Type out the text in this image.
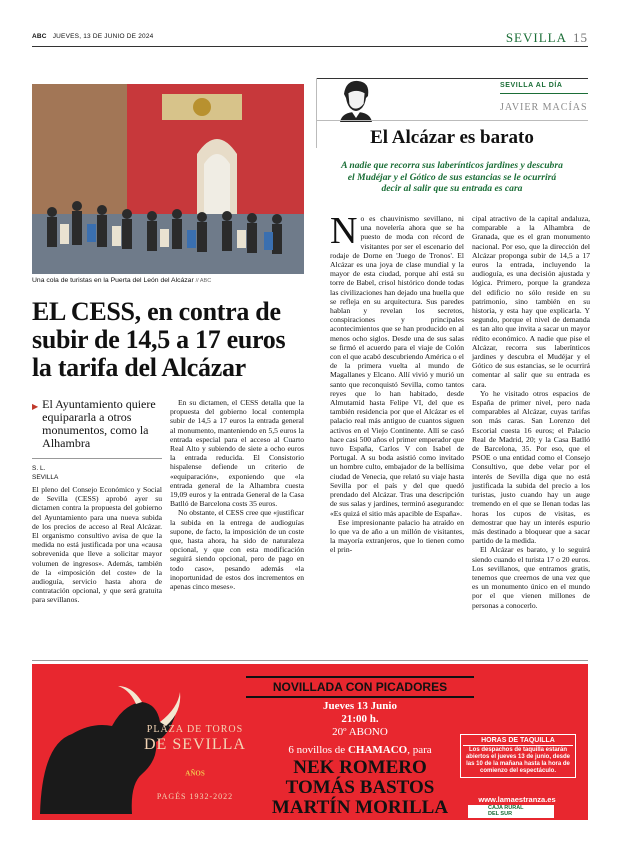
ABC JUEVES, 13 DE JUNIO DE 2024	SEVILLA 15
Una cola de turistas en la Puerta del León del Alcázar // ABC
EL CESS, en contra de subir de 14,5 a 17 euros la tarifa del Alcázar
▶ El Ayuntamiento quiere equipararla a otros monumentos, como la Alhambra
S. L.
SEVILLA

El pleno del Consejo Económico y Social de Sevilla (CESS) aprobó ayer su dictamen contra la propuesta del gobierno del Ayuntamiento para una nueva subida de los precios de acceso al Real Alcázar. El organismo consultivo avisa de que la medida no está justificada por una «causa sobrevenida que lleve a solicitar mayor volumen de ingresos». Además, también de la «imposición del coste» de la audioguía, servicio hasta ahora de contratación opcional, y que será gratuita para sevillanos.

En su dictamen, el CESS detalla que la propuesta del gobierno local contempla subir de 14,5 a 17 euros la entrada general al monumento, manteniendo en 5,5 euros la entrada especial para el acceso al Cuarto Real Alto y subiendo de siete a ocho euros la entrada reducida. El Consistorio hispalense defiende un criterio de «equiparación», exponiendo que «la entrada general de la Alhambra cuesta 19,09 euros y la entrada General de la Casa Batlló de Barcelona costs 35 euros.

No obstante, el CESS cree que «justificar la subida en la entrega de audioguías supone, de facto, la imposición de un coste que, hasta ahora, ha sido de naturaleza opcional, y que con esta modificación seguirá siendo opcional, pero de pago en todo caso», pesando además «la inoportunidad de estos dos incrementos en apenas cinco meses».

SEVILLA AL DÍA
JAVIER MACÍAS
El Alcázar es barato
A nadie que recorra sus laberínticos jardines y descubra el Mudéjar y el Gótico de sus estancias se le ocurrirá decir al salir que su entrada es cara

No es chauvinismo sevillano, ni una novelería ahora que se ha puesto de moda con récord de visitantes por ser el escenario del rodaje de Dorne en 'Juego de Tronos'. El Alcázar es una joya de clase mundial y la mayor de esta ciudad, porque ahí está su torre de Babel, crisol histórico donde todas las civilizaciones han dejado una huella que se refleja en su arquitectura. Sus paredes hablan y revelan los secretos, conspiraciones y principales acontecimientos que se han producido en al menos ocho siglos. Desde una de sus salas se firmó el acuerdo para el viaje de Colón con el que acabó descubriendo América o el de la primera vuelta al mundo de Magallanes y Elcano. Allí vivió y murió un santo que reconquistó Sevilla, como tantos reyes que lo han habitado, desde Almutamid hasta Felipe VI, del que es también residencia por que el Alcázar es el palacio real más antiguo de cuantos siguen activos en el Viejo Continente. Allí se casó hace casi 500 años el primer emperador que tuvo España, Carlos V con Isabel de Portugal. A su boda asistió como invitado un hombre culto, embajador de la bellísima ciudad de Venecia, que relató su viaje hasta Sevilla por el país y del que quedó prendado del Alcázar. Tras una descripción de sus salas y jardines, terminó asegurando: «Es quizá el sitio más apacible de España».

Ese impresionante palacio ha atraído en lo que va de año a un millón de visitantes, la mayoría extranjeros, que lo tienen como el prin-

cipal atractivo de la capital andaluza, comparable a la Alhambra de Granada, que es el gran monumento nacional. Por eso, que la dirección del Alcázar proponga subir de 14,5 a 17 euros la entrada, incluyendo la audioguía, es una decisión ajustada y lógica. Primero, porque la grandeza del edificio no sólo reside en su patrimonio, sino también en su historia, y esta hay que explicarla. Y segundo, porque el nivel de demanda es tan alto que invita a sacar un mayor rédito económico. A nadie que pise el Alcázar, recorra sus laberínticos jardines y descubra el Mudéjar y el Gótico de sus estancias, se le ocurrirá comentar al salir que su entrada es cara.

Yo he visitado otros espacios de España de primer nivel, pero nada comparables al Alcázar, cuyas tarifas son más caras. San Lorenzo del Escorial cuesta 16 euros; el Palacio Real de Madrid, 20; y la Casa Batlló de Barcelona, 35. Por eso, que el PSOE o una entidad como el Consejo Consultivo, que debe velar por el interés de Sevilla diga que no está justificada la subida del precio a los turistas, justo cuando hay un auge tremendo en el que se llenan todas las horas los cupos de visitas, es demostrar que hay un interés espurio más destinado a bloquear que a sacar partido de la medida.

El Alcázar es barato, y lo seguirá siendo cuando el turista 17 o 20 euros. Los sevillanos, que entramos gratis, tenemos que creernos de una vez que es un monumento único en el mundo por el que vienen millones de personas a conocerlo.

PLAZA DE TOROS
DE SEVILLA
AÑOS
PAGÉS 1932-2022
NOVILLADA CON PICADORES
Jueves 13 Junio
21:00 h.
20º ABONO
6 novillos de CHAMACO, para
NEK ROMERO
TOMÁS BASTOS
MARTÍN MORILLA
HORAS DE TAQUILLA
Los despachos de taquilla estarán abiertos el jueves 13 de junio, desde las 10 de la mañana hasta la hora de comienzo del espectáculo.
www.lamaestranza.es
CAJA RURAL
DEL SUR
